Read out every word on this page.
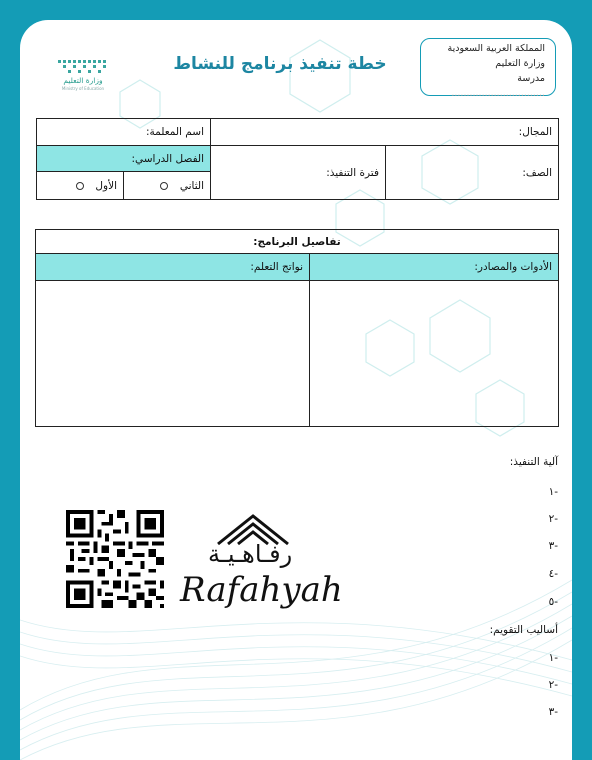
المملكة العربية السعودية
وزارة التعليم
مدرسة ...............................
خطة تنفيذ برنامج للنشاط
وزارة التعليم
Ministry of Education
اسم المعلمة:		المجال:	
الفصل الدراسي:		فترة التنفيذ:	الصف:
الأول	الثاني		
تفاصيل البرنامج:	
نواتج التعلم:	الأدوات والمصادر:

آلية التنفيذ:
-١
-٢
-٣
-٤
-٥
أساليب التقويم:
-١
-٢
-٣
رفـاهـيـة
Rafahyah
